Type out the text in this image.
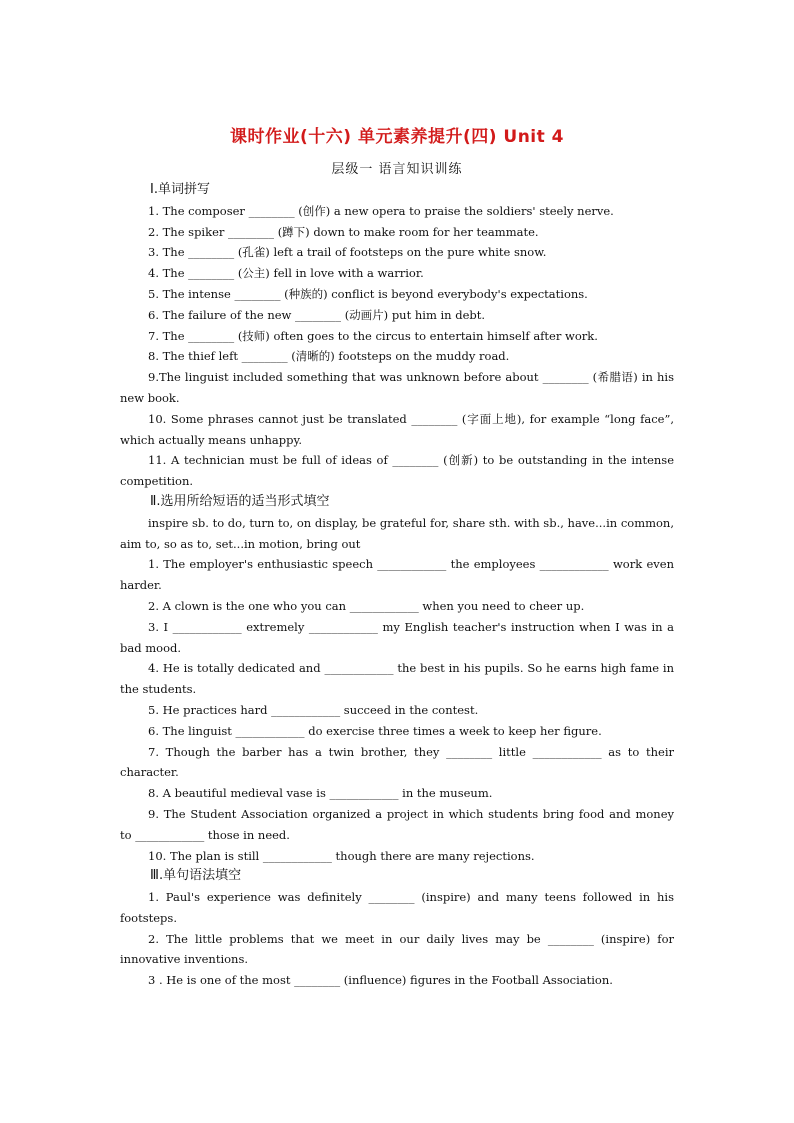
课时作业(十六) 单元素养提升(四) Unit 4
层级一 语言知识训练
Ⅰ.单词拼写
1. The composer ________ (创作) a new opera to praise the soldiers' steely nerve.
2. The spiker ________ (蹲下) down to make room for her teammate.
3. The ________ (孔雀) left a trail of footsteps on the pure white snow.
4. The ________ (公主) fell in love with a warrior.
5. The intense ________ (种族的) conflict is beyond everybody's expectations.
6. The failure of the new ________ (动画片) put him in debt.
7. The ________ (技师) often goes to the circus to entertain himself after work.
8. The thief left ________ (清晰的) footsteps on the muddy road.
9.The linguist included something that was unknown before about ________ (希腊语) in his new book.
10. Some phrases cannot just be translated ________ (字面上地), for example “long face”, which actually means unhappy.
11. A technician must be full of ideas of ________ (创新) to be outstanding in the intense competition.
Ⅱ.选用所给短语的适当形式填空
inspire sb. to do, turn to, on display, be grateful for, share sth. with sb., have...in common, aim to, so as to, set...in motion, bring out
1. The employer's enthusiastic speech ____________ the employees ____________ work even harder.
2. A clown is the one who you can ____________ when you need to cheer up.
3. I ____________ extremely ____________ my English teacher's instruction when I was in a bad mood.
4. He is totally dedicated and ____________ the best in his pupils. So he earns high fame in the students.
5. He practices hard ____________ succeed in the contest.
6. The linguist ____________ do exercise three times a week to keep her figure.
7. Though the barber has a twin brother, they ________ little ____________ as to their character.
8. A beautiful medieval vase is ____________ in the museum.
9. The Student Association organized a project in which students bring food and money to ____________ those in need.
10. The plan is still ____________ though there are many rejections.
Ⅲ.单句语法填空
1. Paul's experience was definitely ________ (inspire) and many teens followed in his footsteps.
2. The little problems that we meet in our daily lives may be ________ (inspire) for innovative inventions.
3 . He is one of the most ________ (influence) figures in the Football Association.
